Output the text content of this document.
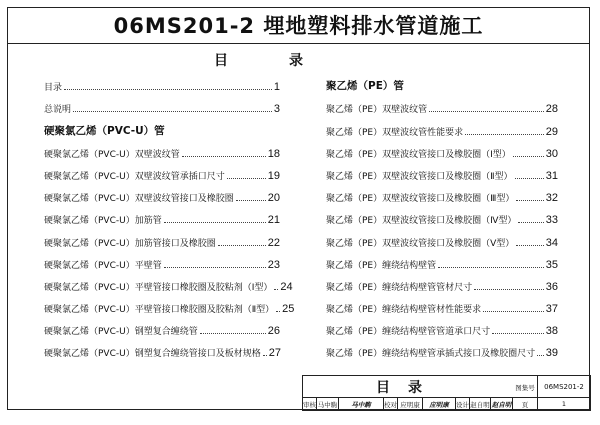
06MS201-2 埋地塑料排水管道施工
目	录
目录	1
总说明	3
硬聚氯乙烯（PVC-U）管
硬聚氯乙烯（PVC-U）双壁波纹管	18
硬聚氯乙烯（PVC-U）双壁波纹管承插口尺寸	19
硬聚氯乙烯（PVC-U）双壁波纹管接口及橡胶圈	20
硬聚氯乙烯（PVC-U）加筋管	21
硬聚氯乙烯（PVC-U）加筋管接口及橡胶圈	22
硬聚氯乙烯（PVC-U）平壁管	23
硬聚氯乙烯（PVC-U）平壁管接口橡胶圈及胶粘剂（Ⅰ型） 24
硬聚氯乙烯（PVC-U）平壁管接口橡胶圈及胶粘剂（Ⅱ型） 25
硬聚氯乙烯（PVC-U）钢塑复合缠绕管	26
硬聚氯乙烯（PVC-U）钢塑复合缠绕管接口及板材规格 27
聚乙烯（PE）管
聚乙烯（PE）双壁波纹管	28
聚乙烯（PE）双壁波纹管性能要求	29
聚乙烯（PE）双壁波纹管接口及橡胶圈（Ⅰ型）	30
聚乙烯（PE）双壁波纹管接口及橡胶圈（Ⅱ型）	31
聚乙烯（PE）双壁波纹管接口及橡胶圈（Ⅲ型）	32
聚乙烯（PE）双壁波纹管接口及橡胶圈（Ⅳ型）	33
聚乙烯（PE）双壁波纹管接口及橡胶圈（Ⅴ型）	34
聚乙烯（PE）缠绕结构壁管	35
聚乙烯（PE）缠绕结构壁管管材尺寸	36
聚乙烯（PE）缠绕结构壁管材性能要求	37
聚乙烯（PE）缠绕结构壁管管道承口尺寸	38
聚乙烯（PE）缠绕结构壁管承插式接口及橡胶圈尺寸 39
目录	图集号	06MS201-2
审核 马中駒	马中駒	校对 应明康	应明康	设计 赵自明 赵自明	页	1
